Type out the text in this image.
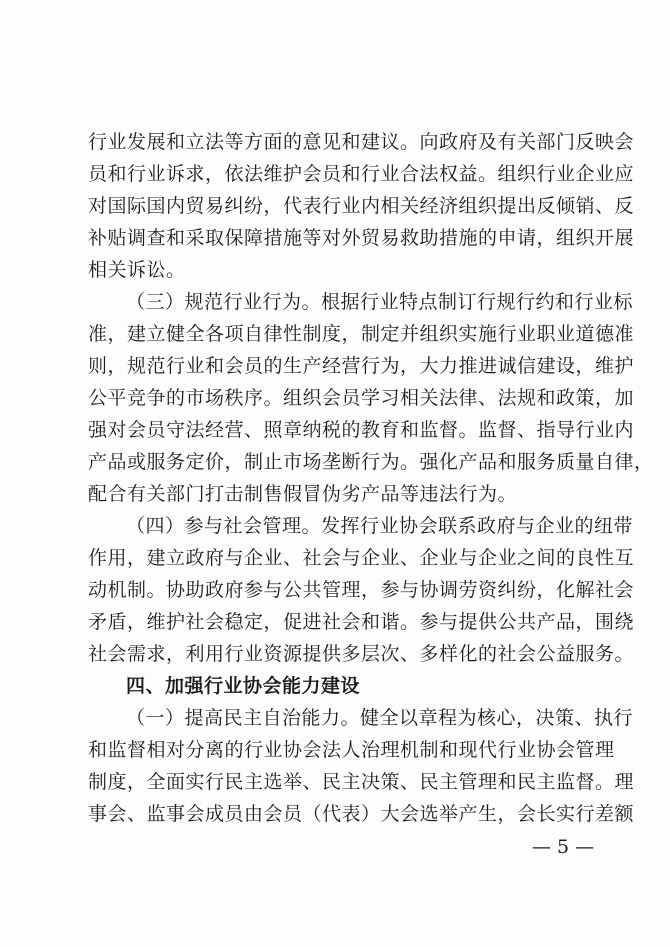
行业发展和立法等方面的意见和建议。向政府及有关部门反映会
员和行业诉求，依法维护会员和行业合法权益。组织行业企业应
对国际国内贸易纠纷，代表行业内相关经济组织提出反倾销、反
补贴调查和采取保障措施等对外贸易救助措施的申请，组织开展
相关诉讼。
（三）规范行业行为。根据行业特点制订行规行约和行业标
准，建立健全各项自律性制度，制定并组织实施行业职业道德准
则，规范行业和会员的生产经营行为，大力推进诚信建设，维护
公平竞争的市场秩序。组织会员学习相关法律、法规和政策，加
强对会员守法经营、照章纳税的教育和监督。监督、指导行业内
产品或服务定价，制止市场垄断行为。强化产品和服务质量自律，
配合有关部门打击制售假冒伪劣产品等违法行为。
（四）参与社会管理。发挥行业协会联系政府与企业的纽带
作用，建立政府与企业、社会与企业、企业与企业之间的良性互
动机制。协助政府参与公共管理，参与协调劳资纠纷，化解社会
矛盾，维护社会稳定，促进社会和谐。参与提供公共产品，围绕
社会需求，利用行业资源提供多层次、多样化的社会公益服务。
四、加强行业协会能力建设
（一）提高民主自治能力。健全以章程为核心，决策、执行
和监督相对分离的行业协会法人治理机制和现代行业协会管理
制度，全面实行民主选举、民主决策、民主管理和民主监督。理
事会、监事会成员由会员（代表）大会选举产生，会长实行差额
— 5 —
